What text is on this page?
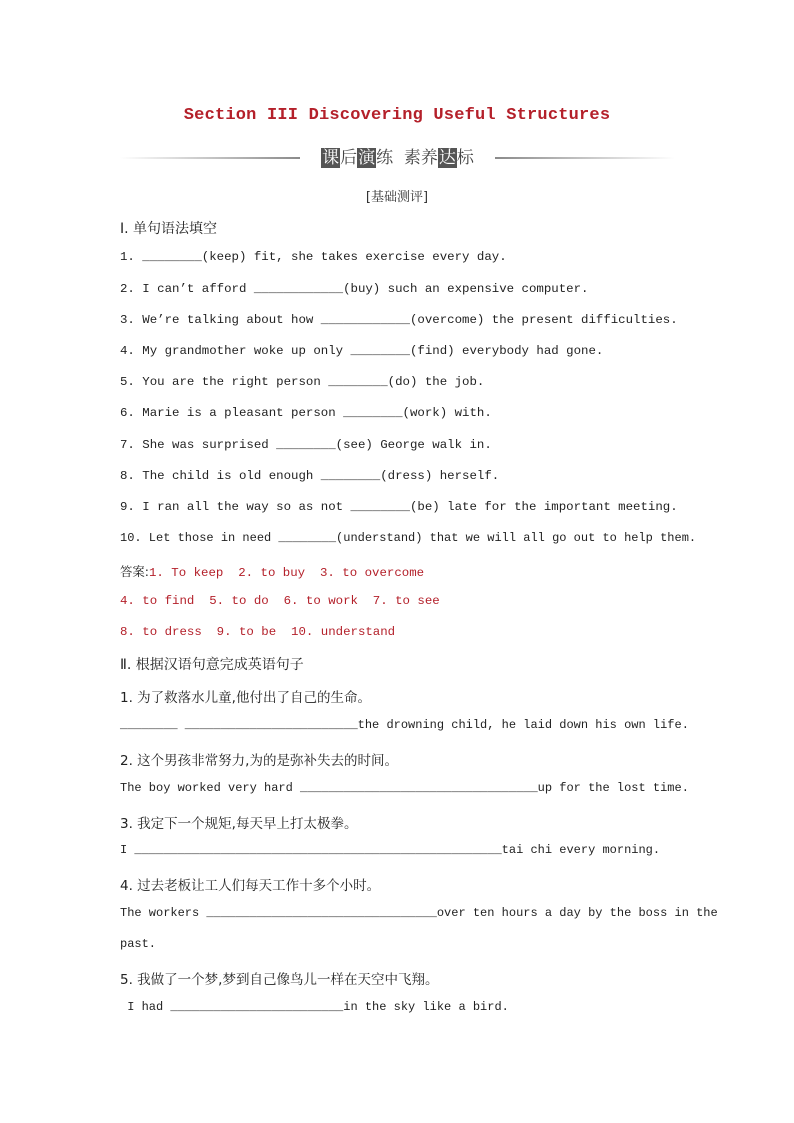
Section III Discovering Useful Structures
课后演练 素养达标
[基础测评]
Ⅰ. 单句语法填空
1. ________(keep) fit, she takes exercise every day.
2. I can’t afford ____________(buy) such an expensive computer.
3. We’re talking about how ____________(overcome) the present difficulties.
4. My grandmother woke up only ________(find) everybody had gone.
5. You are the right person ________(do) the job.
6. Marie is a pleasant person ________(work) with.
7. She was surprised ________(see) George walk in.
8. The child is old enough ________(dress) herself.
9. I ran all the way so as not ________(be) late for the important meeting.
10. Let those in need ________(understand) that we will all go out to help them.
答案:1. To keep  2. to buy  3. to overcome
4. to find  5. to do  6. to work  7. to see
8. to dress  9. to be  10. understand
Ⅱ. 根据汉语句意完成英语句子
1. 为了救落水儿童,他付出了自己的生命。
________ ________________________the drowning child, he laid down his own life.
2. 这个男孩非常努力,为的是弥补失去的时间。
The boy worked very hard _________________________________up for the lost time.
3. 我定下一个规矩,每天早上打太极拳。
I ___________________________________________________tai chi every morning.
4. 过去老板让工人们每天工作十多个小时。
The workers ________________________________over ten hours a day by the boss in the
past.
5. 我做了一个梦,梦到自己像鸟儿一样在天空中飞翔。
I had ________________________in the sky like a bird.
